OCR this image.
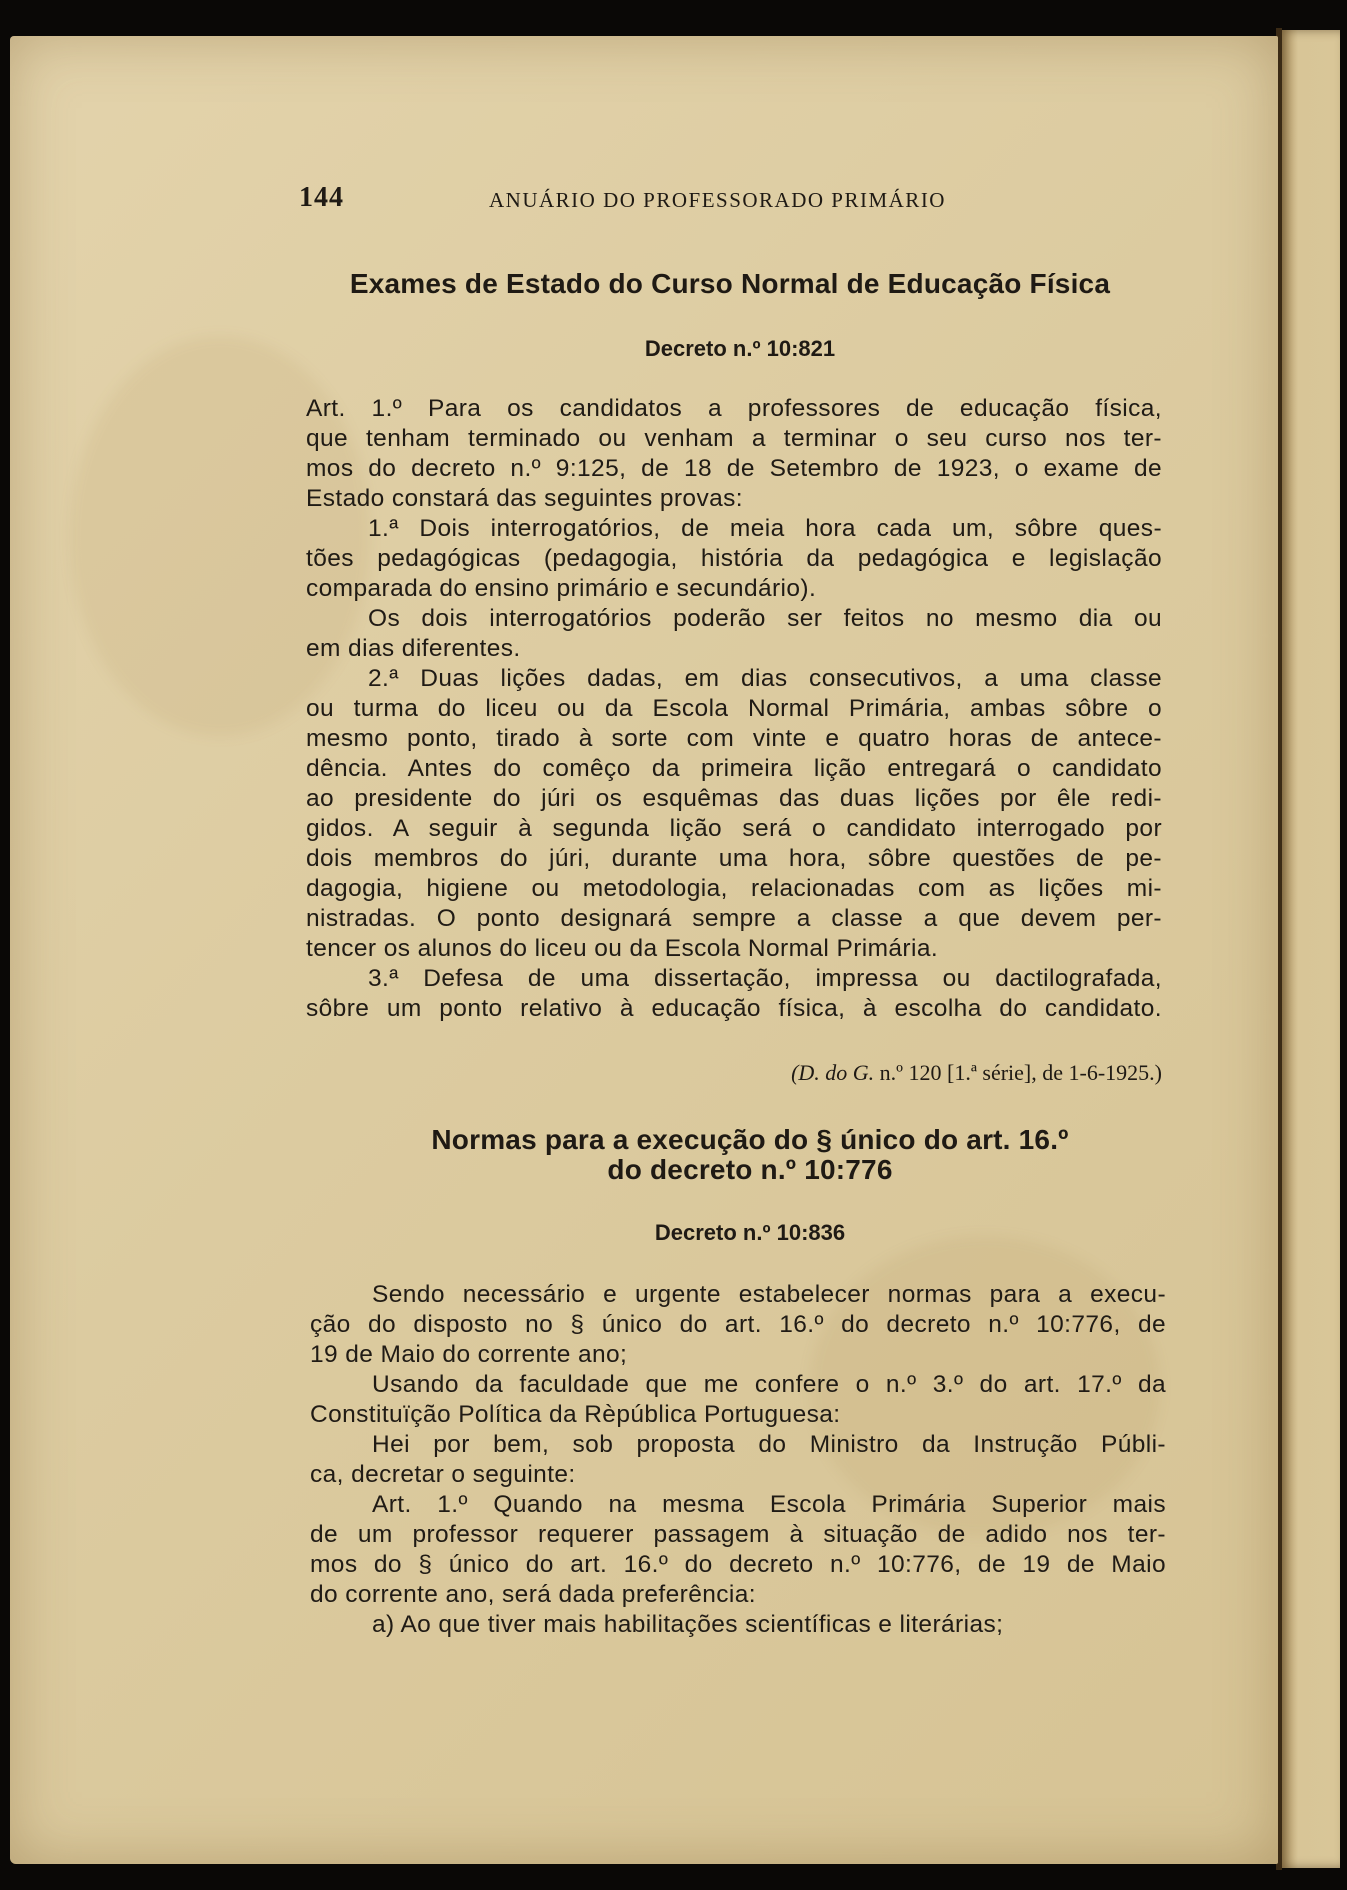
144	ANUÁRIO DO PROFESSORADO PRIMÁRIO
Exames de Estado do Curso Normal de Educação Física
Decreto n.º 10:821
Art. 1.º Para os candidatos a professores de educação física,
que tenham terminado ou venham a terminar o seu curso nos ter-
mos do decreto n.º 9:125, de 18 de Setembro de 1923, o exame de
Estado constará das seguintes provas:
1.ª Dois interrogatórios, de meia hora cada um, sôbre ques-
tões pedagógicas (pedagogia, história da pedagógica e legislação
comparada do ensino primário e secundário).
Os dois interrogatórios poderão ser feitos no mesmo dia ou
em dias diferentes.
2.ª Duas lições dadas, em dias consecutivos, a uma classe
ou turma do liceu ou da Escola Normal Primária, ambas sôbre o
mesmo ponto, tirado à sorte com vinte e quatro horas de antece-
dência. Antes do comêço da primeira lição entregará o candidato
ao presidente do júri os esquêmas das duas lições por êle redi-
gidos. A seguir à segunda lição será o candidato interrogado por
dois membros do júri, durante uma hora, sôbre questões de pe-
dagogia, higiene ou metodologia, relacionadas com as lições mi-
nistradas. O ponto designará sempre a classe a que devem per-
tencer os alunos do liceu ou da Escola Normal Primária.
3.ª Defesa de uma dissertação, impressa ou dactilografada,
sôbre um ponto relativo à educação física, à escolha do candidato.
(D. do G. n.º 120 [1.ª série], de 1-6-1925.)
Normas para a execução do § único do art. 16.º
do decreto n.º 10:776
Decreto n.º 10:836
Sendo necessário e urgente estabelecer normas para a execu-
ção do disposto no § único do art. 16.º do decreto n.º 10:776, de
19 de Maio do corrente ano;
Usando da faculdade que me confere o n.º 3.º do art. 17.º da
Constituïção Política da Rèpública Portuguesa:
Hei por bem, sob proposta do Ministro da Instrução Públi-
ca, decretar o seguinte:
Art. 1.º Quando na mesma Escola Primária Superior mais
de um professor requerer passagem à situação de adido nos ter-
mos do § único do art. 16.º do decreto n.º 10:776, de 19 de Maio
do corrente ano, será dada preferência:
a) Ao que tiver mais habilitações scientíficas e literárias;
